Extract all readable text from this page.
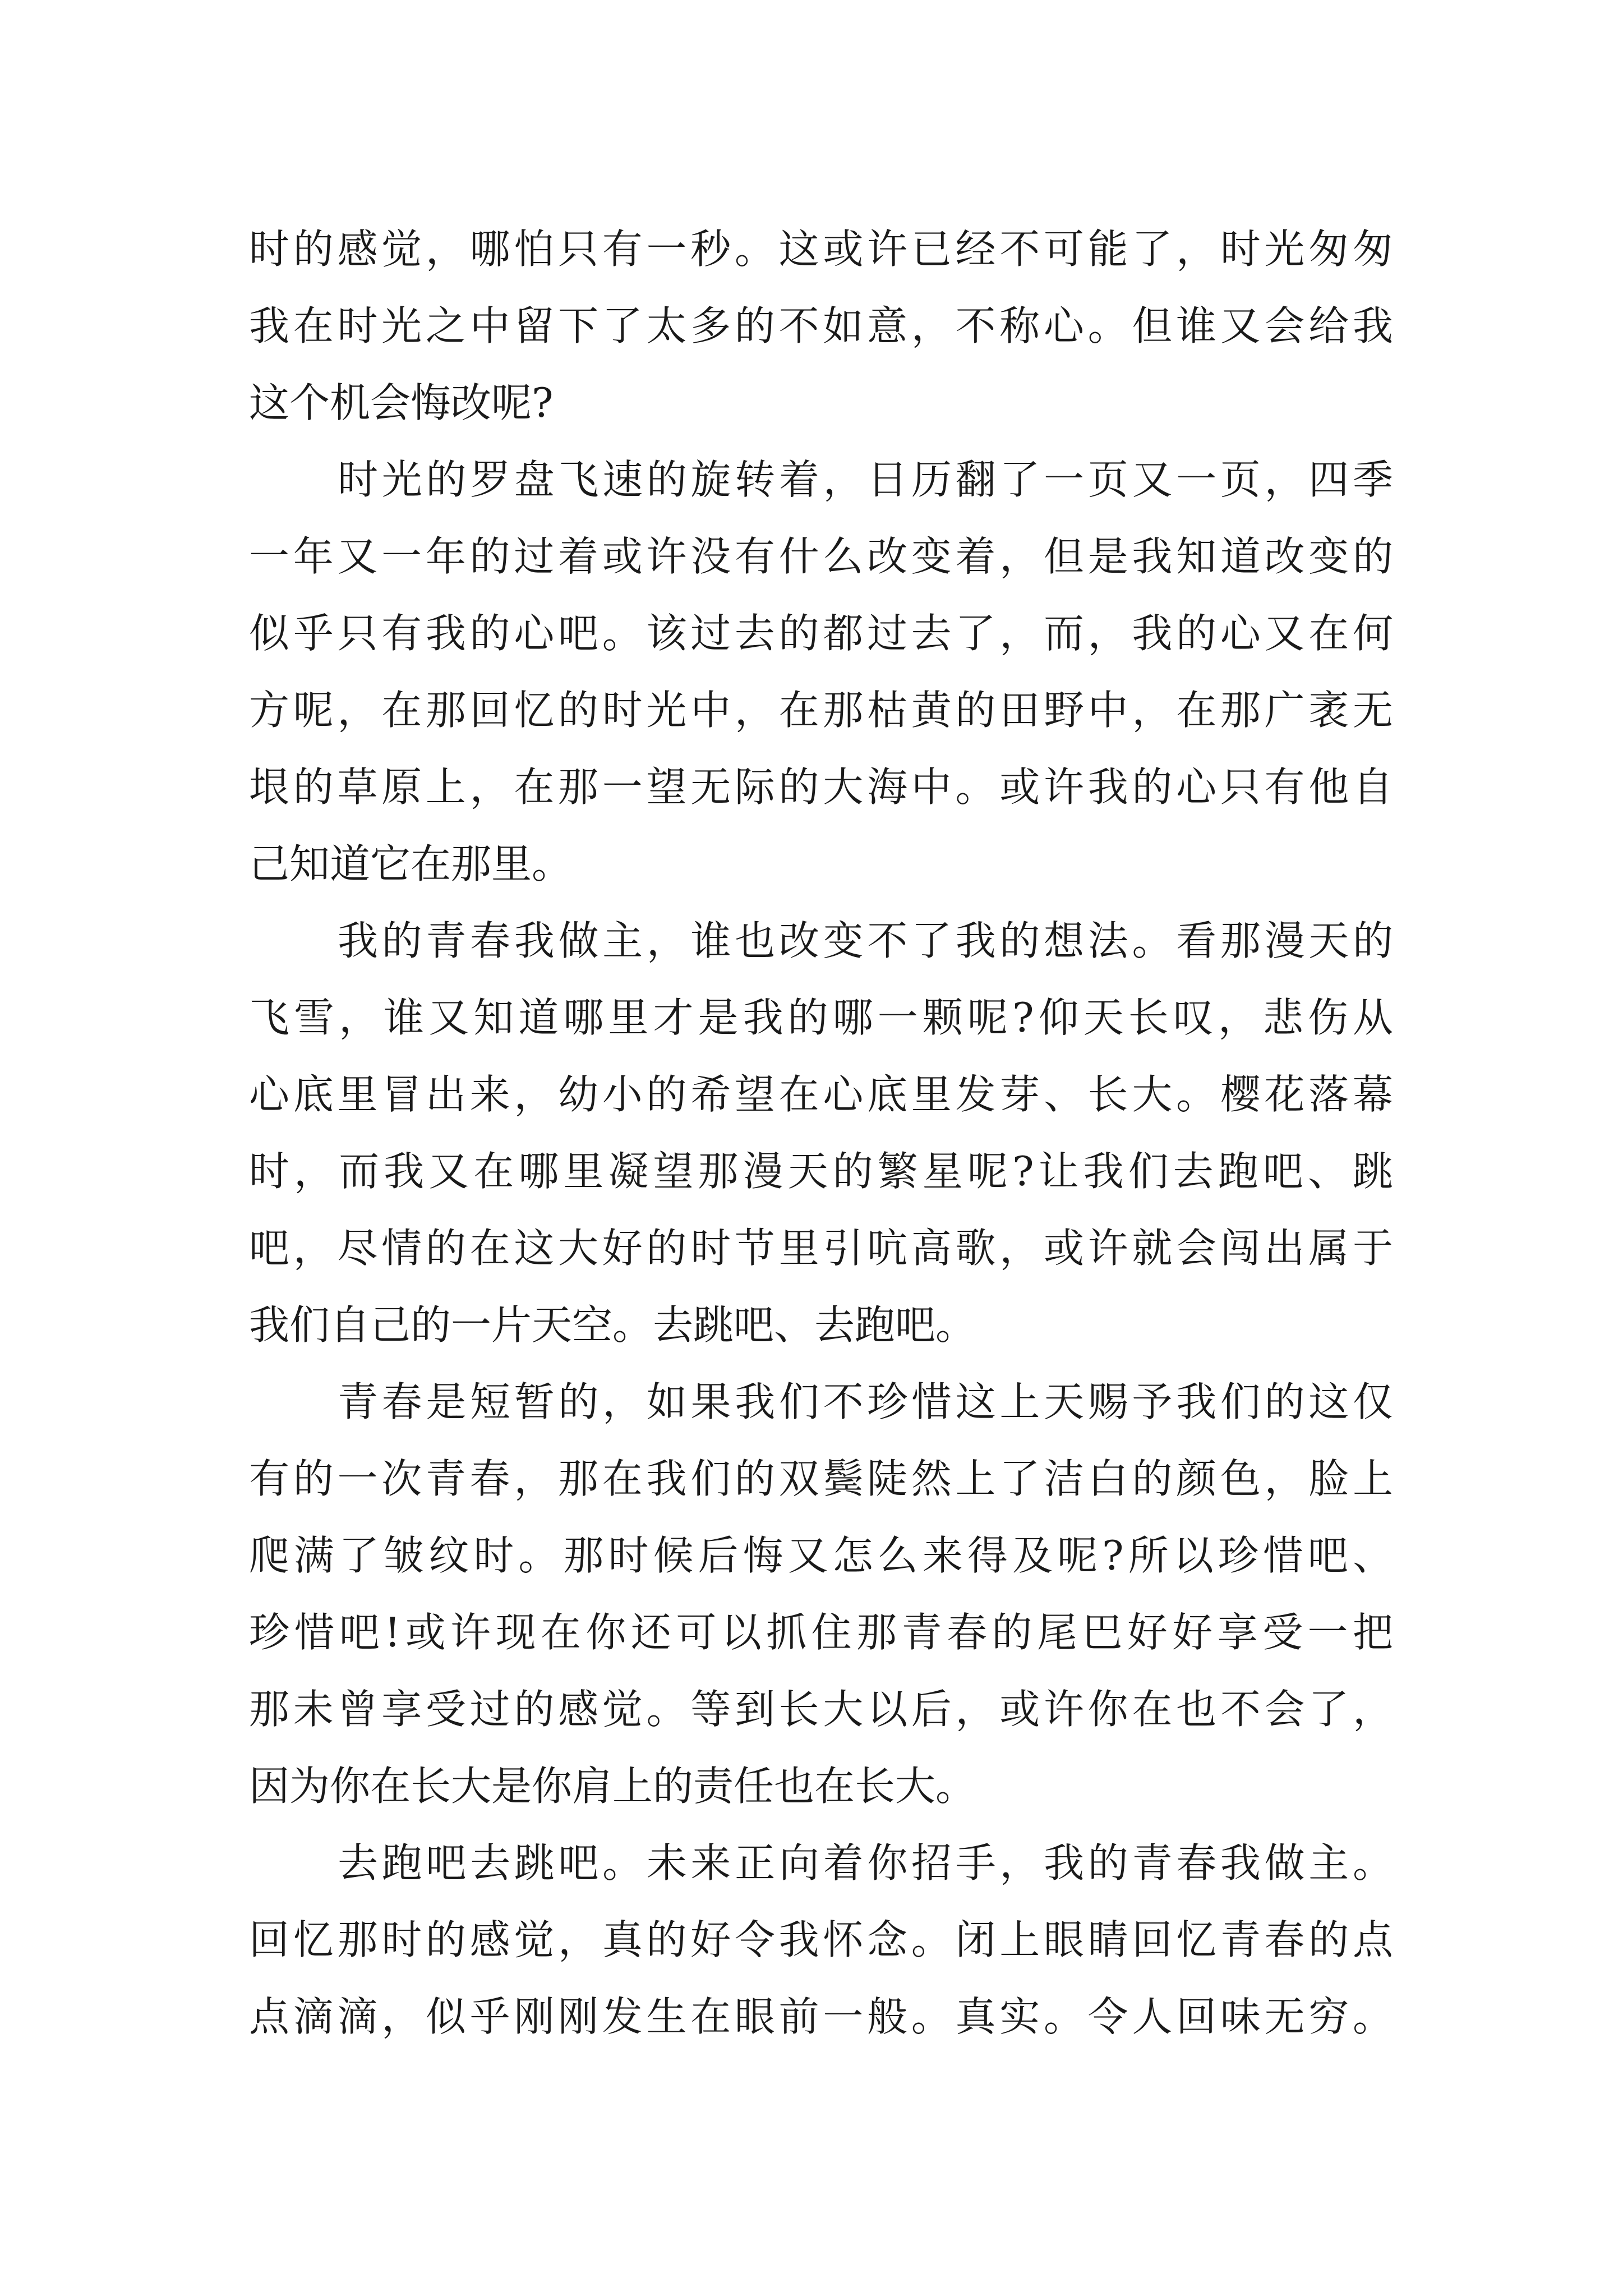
时的感觉，哪怕只有一秒。这或许已经不可能了，时光匆匆
我在时光之中留下了太多的不如意，不称心。但谁又会给我
这个机会悔改呢?
时光的罗盘飞速的旋转着，日历翻了一页又一页，四季
一年又一年的过着或许没有什么改变着，但是我知道改变的
似乎只有我的心吧。该过去的都过去了，而，我的心又在何
方呢，在那回忆的时光中，在那枯黄的田野中，在那广袤无
垠的草原上，在那一望无际的大海中。或许我的心只有他自
己知道它在那里。
我的青春我做主，谁也改变不了我的想法。看那漫天的
飞雪，谁又知道哪里才是我的哪一颗呢?仰天长叹，悲伤从
心底里冒出来，幼小的希望在心底里发芽、长大。樱花落幕
时，而我又在哪里凝望那漫天的繁星呢?让我们去跑吧、跳
吧，尽情的在这大好的时节里引吭高歌，或许就会闯出属于
我们自己的一片天空。去跳吧、去跑吧。
青春是短暂的，如果我们不珍惜这上天赐予我们的这仅
有的一次青春，那在我们的双鬓陡然上了洁白的颜色，脸上
爬满了皱纹时。那时候后悔又怎么来得及呢?所以珍惜吧、
珍惜吧!或许现在你还可以抓住那青春的尾巴好好享受一把
那未曾享受过的感觉。等到长大以后，或许你在也不会了，
因为你在长大是你肩上的责任也在长大。
去跑吧去跳吧。未来正向着你招手，我的青春我做主。
回忆那时的感觉，真的好令我怀念。闭上眼睛回忆青春的点
点滴滴，似乎刚刚发生在眼前一般。真实。令人回味无穷。
